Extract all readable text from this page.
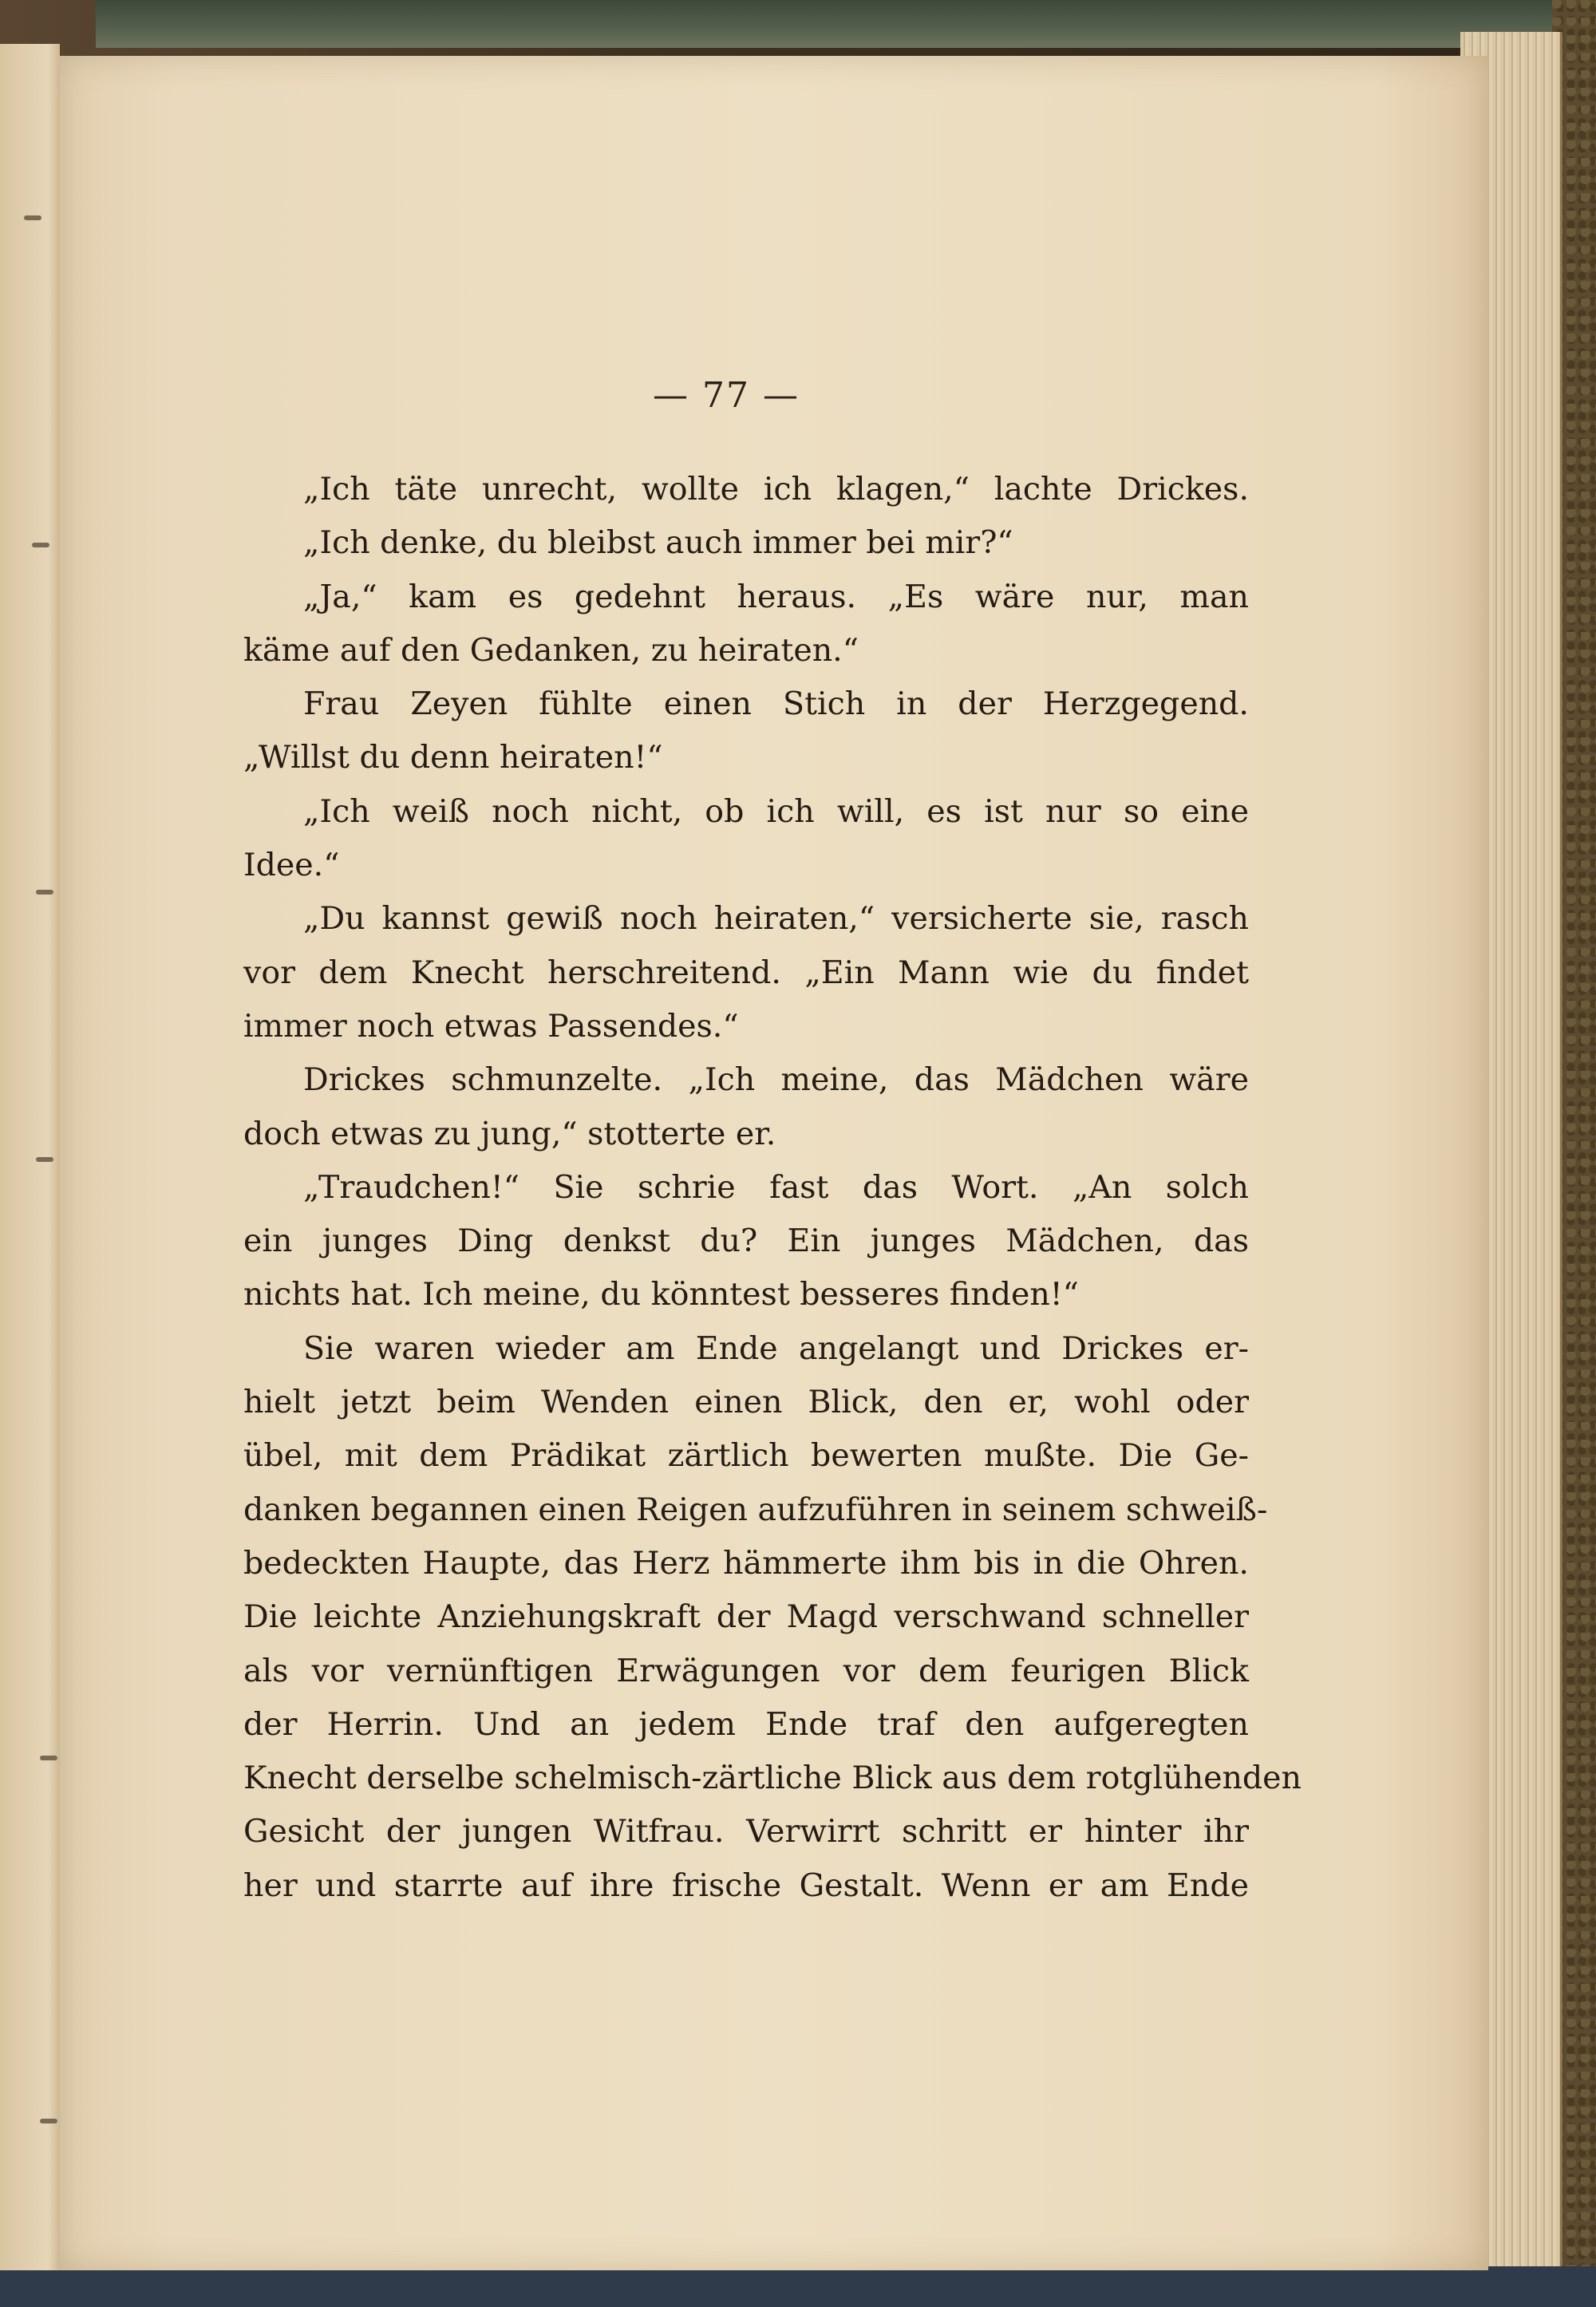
— 77 —
„Ich täte unrecht, wollte ich klagen,“ lachte Drickes.
„Ich denke, du bleibst auch immer bei mir?“
„Ja,“ kam es gedehnt heraus. „Es wäre nur, man
käme auf den Gedanken, zu heiraten.“
Frau Zeyen fühlte einen Stich in der Herzgegend.
„Willst du denn heiraten!“
„Ich weiß noch nicht, ob ich will, es ist nur so eine
Idee.“
„Du kannst gewiß noch heiraten,“ versicherte sie, rasch
vor dem Knecht herschreitend. „Ein Mann wie du findet
immer noch etwas Passendes.“
Drickes schmunzelte. „Ich meine, das Mädchen wäre
doch etwas zu jung,“ stotterte er.
„Traudchen!“ Sie schrie fast das Wort. „An solch
ein junges Ding denkst du? Ein junges Mädchen, das
nichts hat. Ich meine, du könntest besseres finden!“
Sie waren wieder am Ende angelangt und Drickes er-
hielt jetzt beim Wenden einen Blick, den er, wohl oder
übel, mit dem Prädikat zärtlich bewerten mußte. Die Ge-
danken begannen einen Reigen aufzuführen in seinem schweiß-
bedeckten Haupte, das Herz hämmerte ihm bis in die Ohren.
Die leichte Anziehungskraft der Magd verschwand schneller
als vor vernünftigen Erwägungen vor dem feurigen Blick
der Herrin. Und an jedem Ende traf den aufgeregten
Knecht derselbe schelmisch-zärtliche Blick aus dem rotglühenden
Gesicht der jungen Witfrau. Verwirrt schritt er hinter ihr
her und starrte auf ihre frische Gestalt. Wenn er am Ende
